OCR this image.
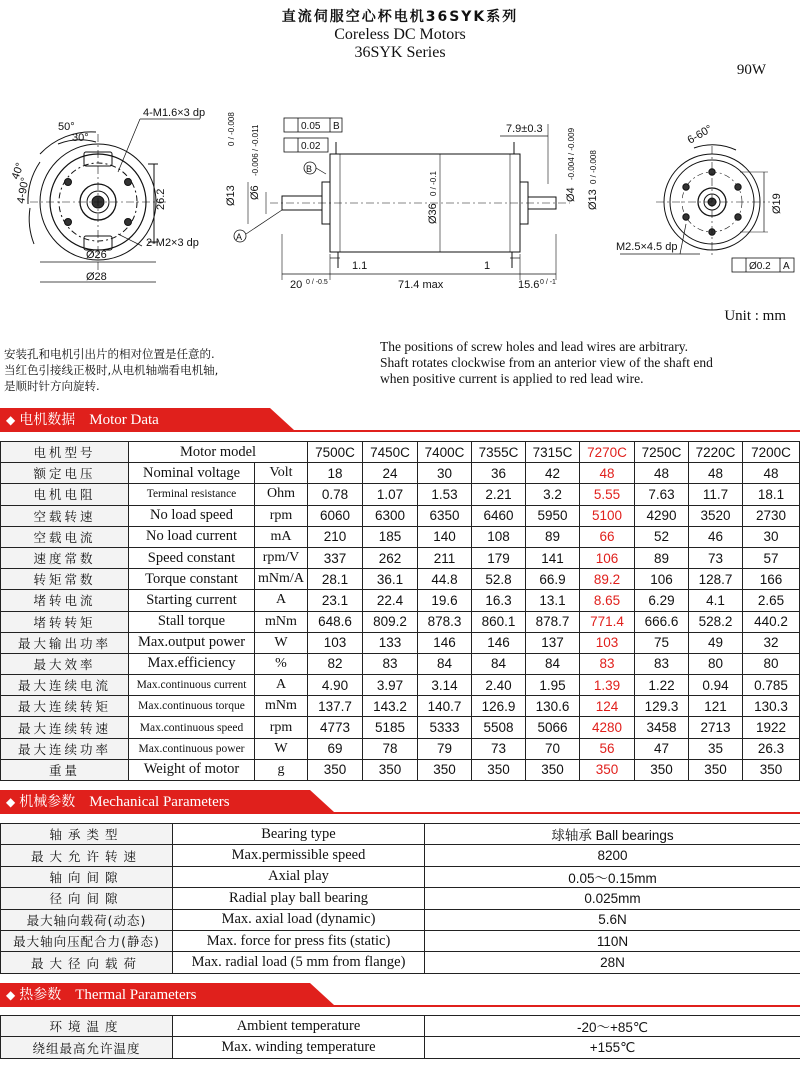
直流伺服空心杯电机36SYK系列
Coreless DC Motors
36SYK Series
90W
50°
30°
40°
4-90°
4-M1.6×3 dp
26.2
2-M2×3 dp
Ø26
Ø28
0.05 B
0.02
B
A
Ø13
0 / -0.008
Ø6
-0.006 / -0.011
Ø36
0 / -0.1
7.9±0.3
Ø4
-0.004 / -0.009
Ø13
0 / -0.008
1.1	1
20 0 / -0.5	71.4 max	15.6 0 / -1
6-60°
Ø19
M2.5×4.5 dp
Ø0.2 A
Unit : mm
安装孔和电机引出片的相对位置是任意的.
当红色引接线正极时,从电机轴端看电机轴,
是顺时针方向旋转.
The positions of screw holes and lead wires are arbitrary.
Shaft rotates clockwise from an anterior view of the shaft end
when positive current is applied to red lead wire.
◆ 电机数据 Motor Data
电机型号	Motor model		7500C	7450C	7400C	7355C	7315C	7270C	7250C	7220C	7200C
额定电压	Nominal voltage	Volt	18	24	30	36	42	48	48	48	48
电机电阻	Terminal resistance	Ohm	0.78	1.07	1.53	2.21	3.2	5.55	7.63	11.7	18.1
空载转速	No load speed	rpm	6060	6300	6350	6460	5950	5100	4290	3520	2730
空载电流	No load current	mA	210	185	140	108	89	66	52	46	30
速度常数	Speed constant	rpm/V	337	262	211	179	141	106	89	73	57
转矩常数	Torque constant	mNm/A	28.1	36.1	44.8	52.8	66.9	89.2	106	128.7	166
堵转电流	Starting current	A	23.1	22.4	19.6	16.3	13.1	8.65	6.29	4.1	2.65
堵转转矩	Stall torque	mNm	648.6	809.2	878.3	860.1	878.7	771.4	666.6	528.2	440.2
最大输出功率	Max.output power	W	103	133	146	146	137	103	75	49	32
最大效率	Max.efficiency	%	82	83	84	84	84	83	83	80	80
最大连续电流	Max.continuous current	A	4.90	3.97	3.14	2.40	1.95	1.39	1.22	0.94	0.785
最大连续转矩	Max.continuous torque	mNm	137.7	143.2	140.7	126.9	130.6	124	129.3	121	130.3
最大连续转速	Max.continuous speed	rpm	4773	5185	5333	5508	5066	4280	3458	2713	1922
最大连续功率	Max.continuous power	W	69	78	79	73	70	56	47	35	26.3
重量	Weight of motor	g	350	350	350	350	350	350	350	350	350
◆ 机械参数 Mechanical Parameters
轴承类型	Bearing type	球轴承 Ball bearings
最大允许转速	Max.permissible speed	8200
轴向间隙	Axial play	0.05～0.15mm
径向间隙	Radial play ball bearing	0.025mm
最大轴向载荷(动态)	Max. axial load (dynamic)	5.6N
最大轴向压配合力(静态)	Max. force for press fits (static)	110N
最大径向载荷	Max. radial load (5 mm from flange)	28N
◆ 热参数 Thermal Parameters
环境温度	Ambient temperature	-20～+85℃
绕组最高允许温度	Max. winding temperature	+155℃
